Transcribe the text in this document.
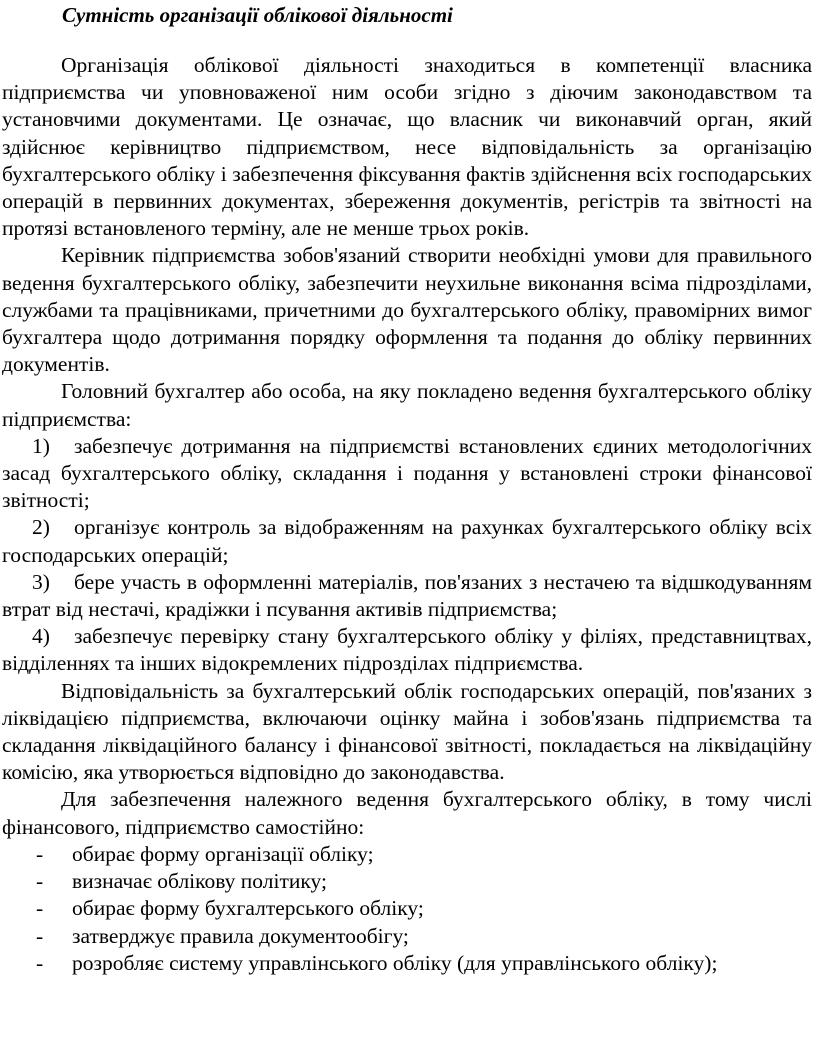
Сутність організації облікової діяльності

Організація облікової діяльності знаходиться в компетенції власника підприємства чи уповноваженої ним особи згідно з діючим законодавством та установчими документами. Це означає, що власник чи виконавчий орган, який здійснює керівництво підприємством, несе відповідальність за організацію бухгалтерського обліку і забезпечення фіксування фактів здійснення всіх господарських операцій в первинних документах, збереження документів, регістрів та звітності на протязі встановленого терміну, але не менше трьох років.

Керівник підприємства зобов'язаний створити необхідні умови для правильного ведення бухгалтерського обліку, забезпечити неухильне виконання всіма підрозділами, службами та працівниками, причетними до бухгалтерського обліку, правомірних вимог бухгалтера щодо дотримання порядку оформлення та подання до обліку первинних документів.

Головний бухгалтер або особа, на яку покладено ведення бухгалтерського обліку підприємства:

1) забезпечує дотримання на підприємстві встановлених єдиних методологічних засад бухгалтерського обліку, складання і подання у встановлені строки фінансової звітності;

2) організує контроль за відображенням на рахунках бухгалтерського обліку всіх господарських операцій;

3) бере участь в оформленні матеріалів, пов'язаних з нестачею та відшкодуванням втрат від нестачі, крадіжки і псування активів підприємства;

4) забезпечує перевірку стану бухгалтерського обліку у філіях, представництвах, відділеннях та інших відокремлених підрозділах підприємства.

Відповідальність за бухгалтерський облік господарських операцій, пов'язаних з ліквідацією підприємства, включаючи оцінку майна і зобов'язань підприємства та складання ліквідаційного балансу і фінансової звітності, покладається на ліквідаційну комісію, яка утворюється відповідно до законодавства.

Для забезпечення належного ведення бухгалтерського обліку, в тому числі фінансового, підприємство самостійно:

- обирає форму організації обліку;
- визначає облікову політику;
- обирає форму бухгалтерського обліку;
- затверджує правила документообігу;
- розробляє систему управлінського обліку (для управлінського обліку);
